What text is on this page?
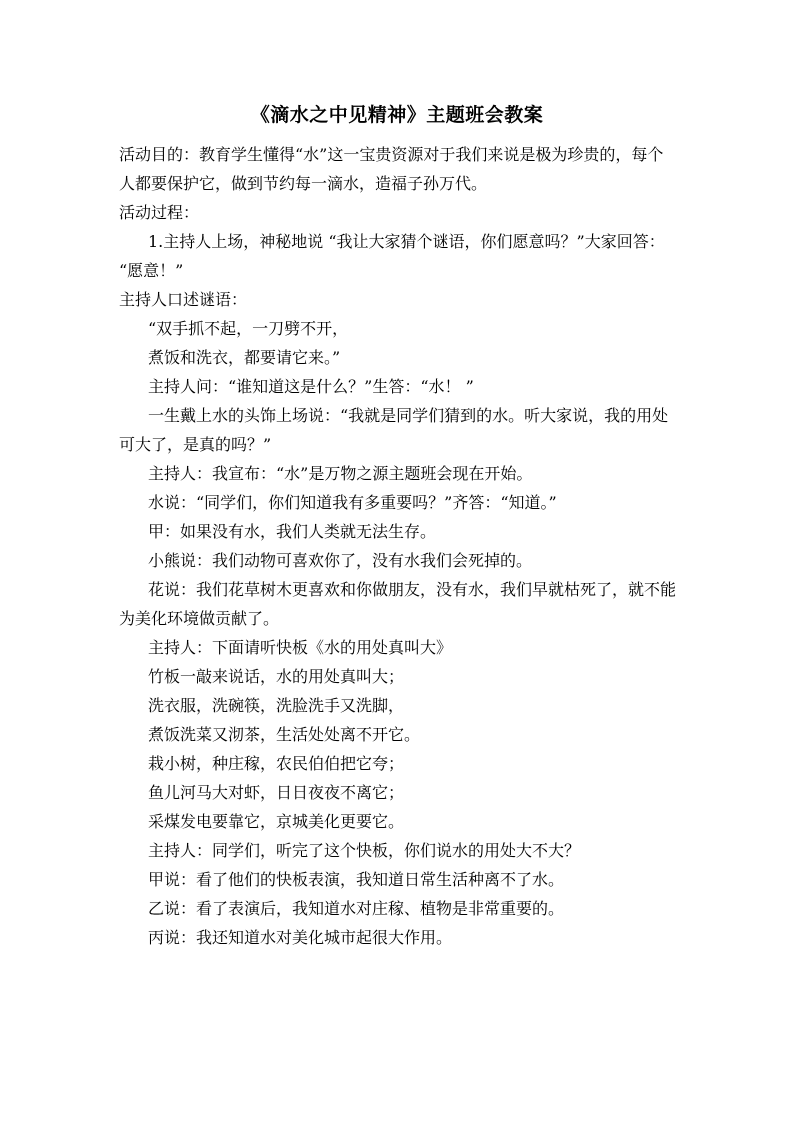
《滴水之中见精神》主题班会教案

活动目的：教育学生懂得“水”这一宝贵资源对于我们来说是极为珍贵的，每个

人都要保护它，做到节约每一滴水，造福子孙万代。

活动过程：

1.主持人上场，神秘地说 “我让大家猜个谜语，你们愿意吗？”大家回答：

“愿意！”

主持人口述谜语：

“双手抓不起，一刀劈不开，

煮饭和洗衣，都要请它来。”

主持人问：“谁知道这是什么？”生答：“水！ ”

一生戴上水的头饰上场说：“我就是同学们猜到的水。听大家说，我的用处

可大了，是真的吗？”

主持人：我宣布：“水”是万物之源主题班会现在开始。

水说：“同学们，你们知道我有多重要吗？”齐答：“知道。”

甲：如果没有水，我们人类就无法生存。

小熊说：我们动物可喜欢你了，没有水我们会死掉的。

花说：我们花草树木更喜欢和你做朋友，没有水，我们早就枯死了，就不能

为美化环境做贡献了。

主持人：下面请听快板《水的用处真叫大》

竹板一敲来说话，水的用处真叫大；

洗衣服，洗碗筷，洗脸洗手又洗脚，

煮饭洗菜又沏茶，生活处处离不开它。

栽小树，种庄稼，农民伯伯把它夸；

鱼儿河马大对虾，日日夜夜不离它；

采煤发电要靠它，京城美化更要它。

主持人：同学们，听完了这个快板，你们说水的用处大不大？

甲说：看了他们的快板表演，我知道日常生活种离不了水。

乙说：看了表演后，我知道水对庄稼、植物是非常重要的。

丙说：我还知道水对美化城市起很大作用。
